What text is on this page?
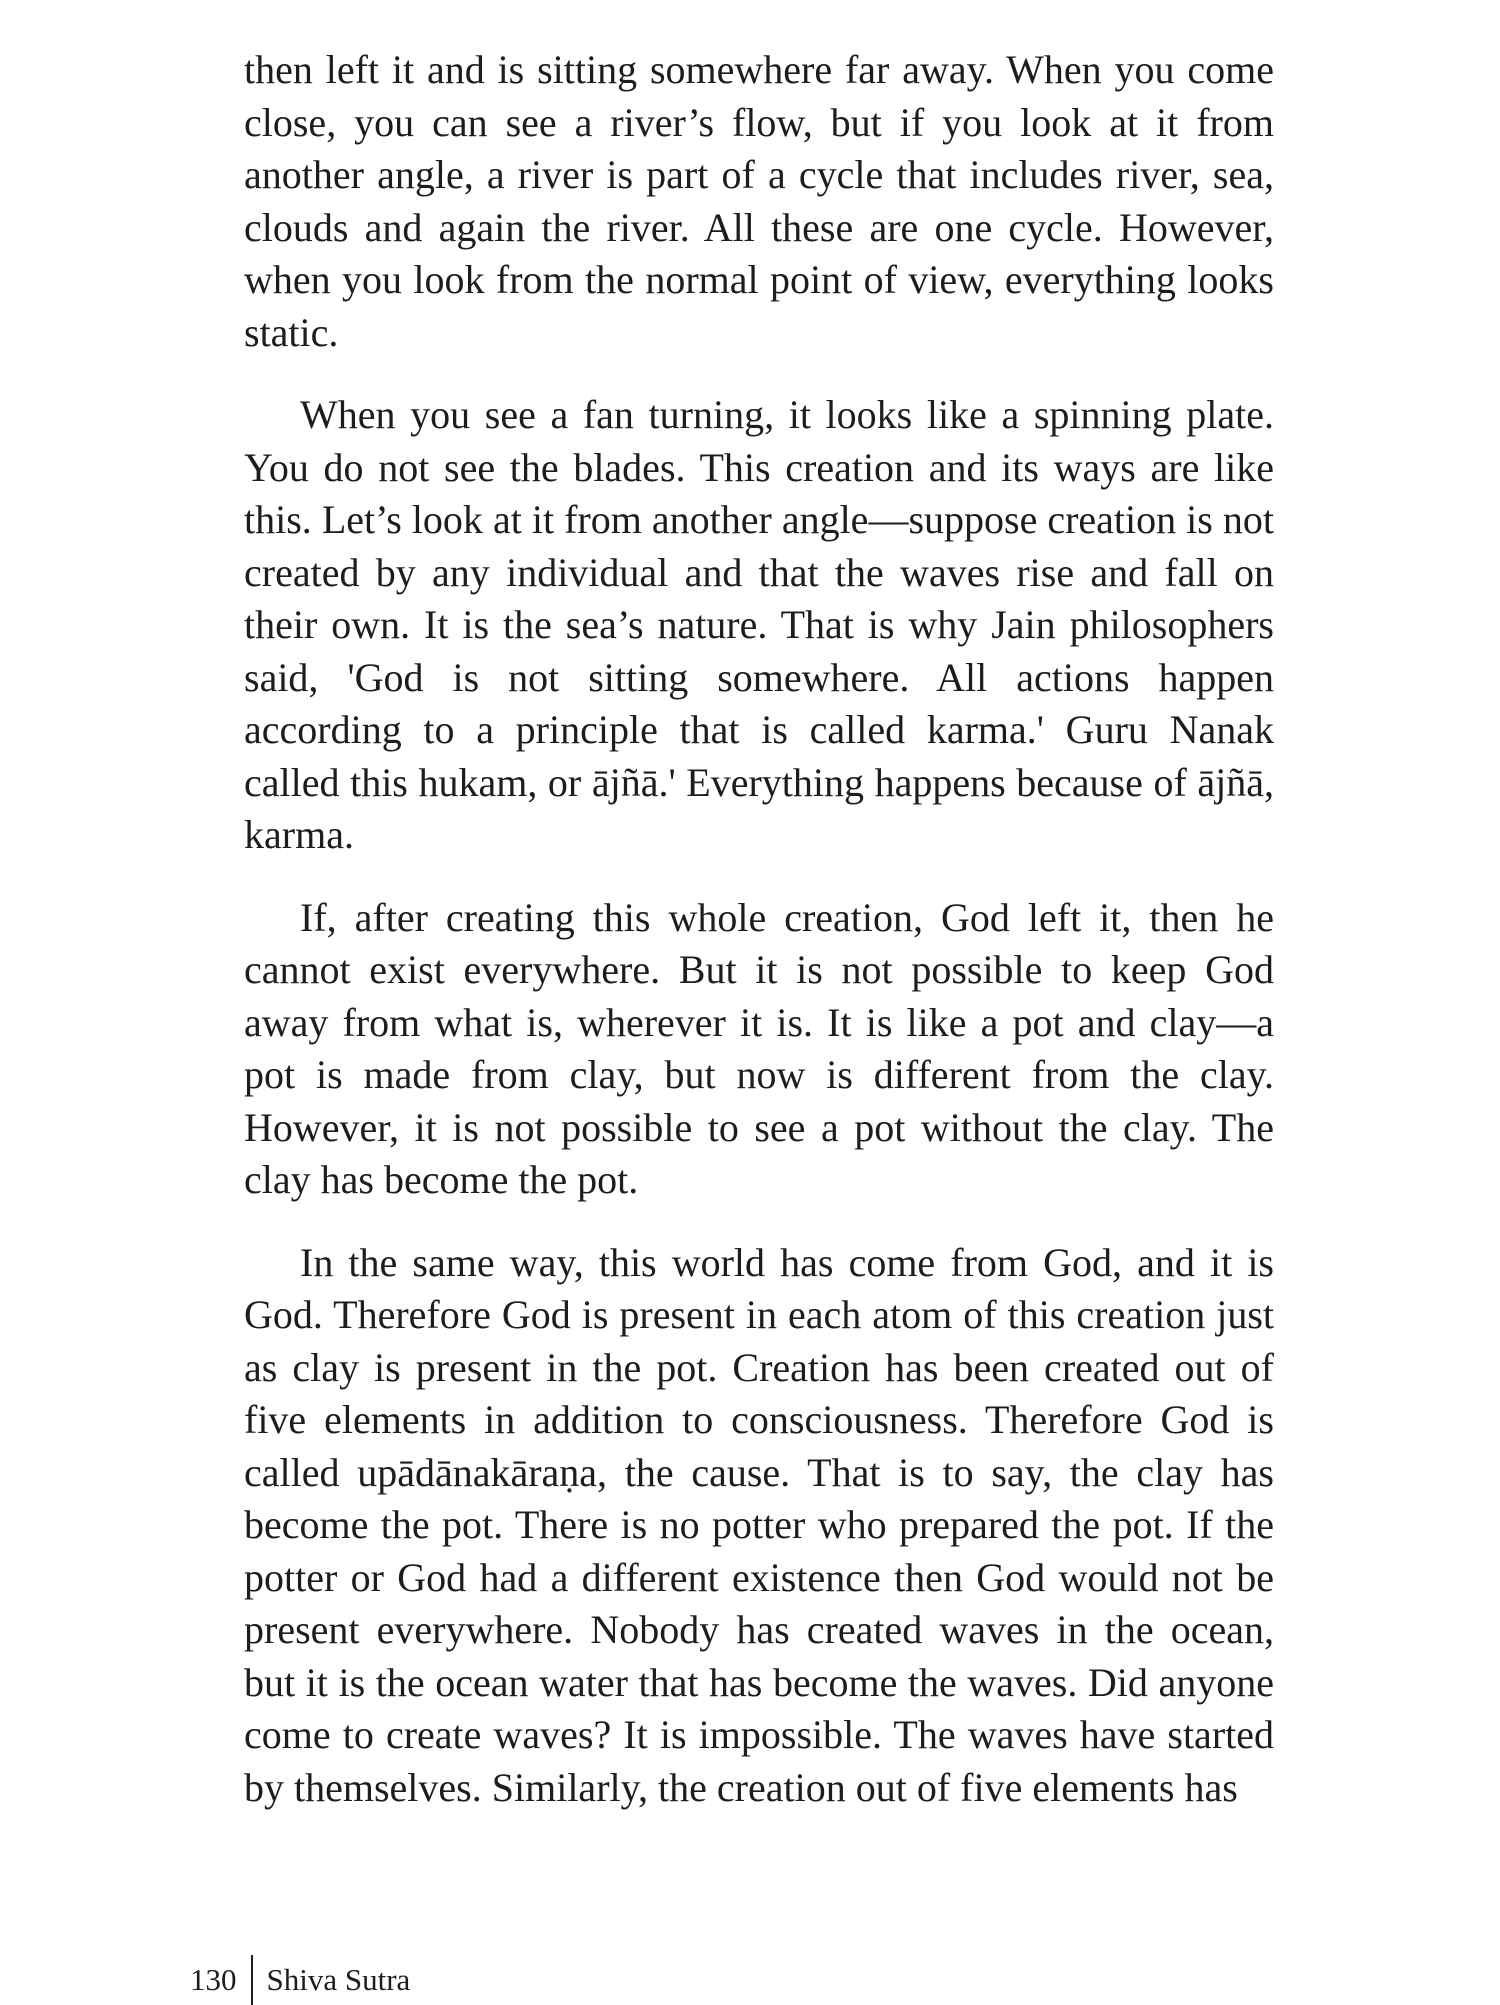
then left it and is sitting somewhere far away. When you come close, you can see a river’s flow, but if you look at it from another angle, a river is part of a cycle that includes river, sea, clouds and again the river. All these are one cycle. However, when you look from the normal point of view, everything looks static.

When you see a fan turning, it looks like a spinning plate. You do not see the blades. This creation and its ways are like this. Let’s look at it from another angle—suppose creation is not created by any individual and that the waves rise and fall on their own. It is the sea’s nature. That is why Jain philosophers said, 'God is not sitting somewhere. All actions happen according to a principle that is called karma.' Guru Nanak called this hukam, or ājñā.' Everything happens because of ājñā, karma.

If, after creating this whole creation, God left it, then he cannot exist everywhere. But it is not possible to keep God away from what is, wherever it is. It is like a pot and clay—a pot is made from clay, but now is different from the clay. However, it is not possible to see a pot without the clay. The clay has become the pot.

In the same way, this world has come from God, and it is God. Therefore God is present in each atom of this creation just as clay is present in the pot. Creation has been created out of five elements in addition to consciousness. Therefore God is called upādānakāraṇa, the cause. That is to say, the clay has become the pot. There is no potter who prepared the pot. If the potter or God had a different existence then God would not be present everywhere. Nobody has created waves in the ocean, but it is the ocean water that has become the waves. Did anyone come to create waves? It is impossible. The waves have started by themselves. Similarly, the creation out of five elements has

130 Shiva Sutra
